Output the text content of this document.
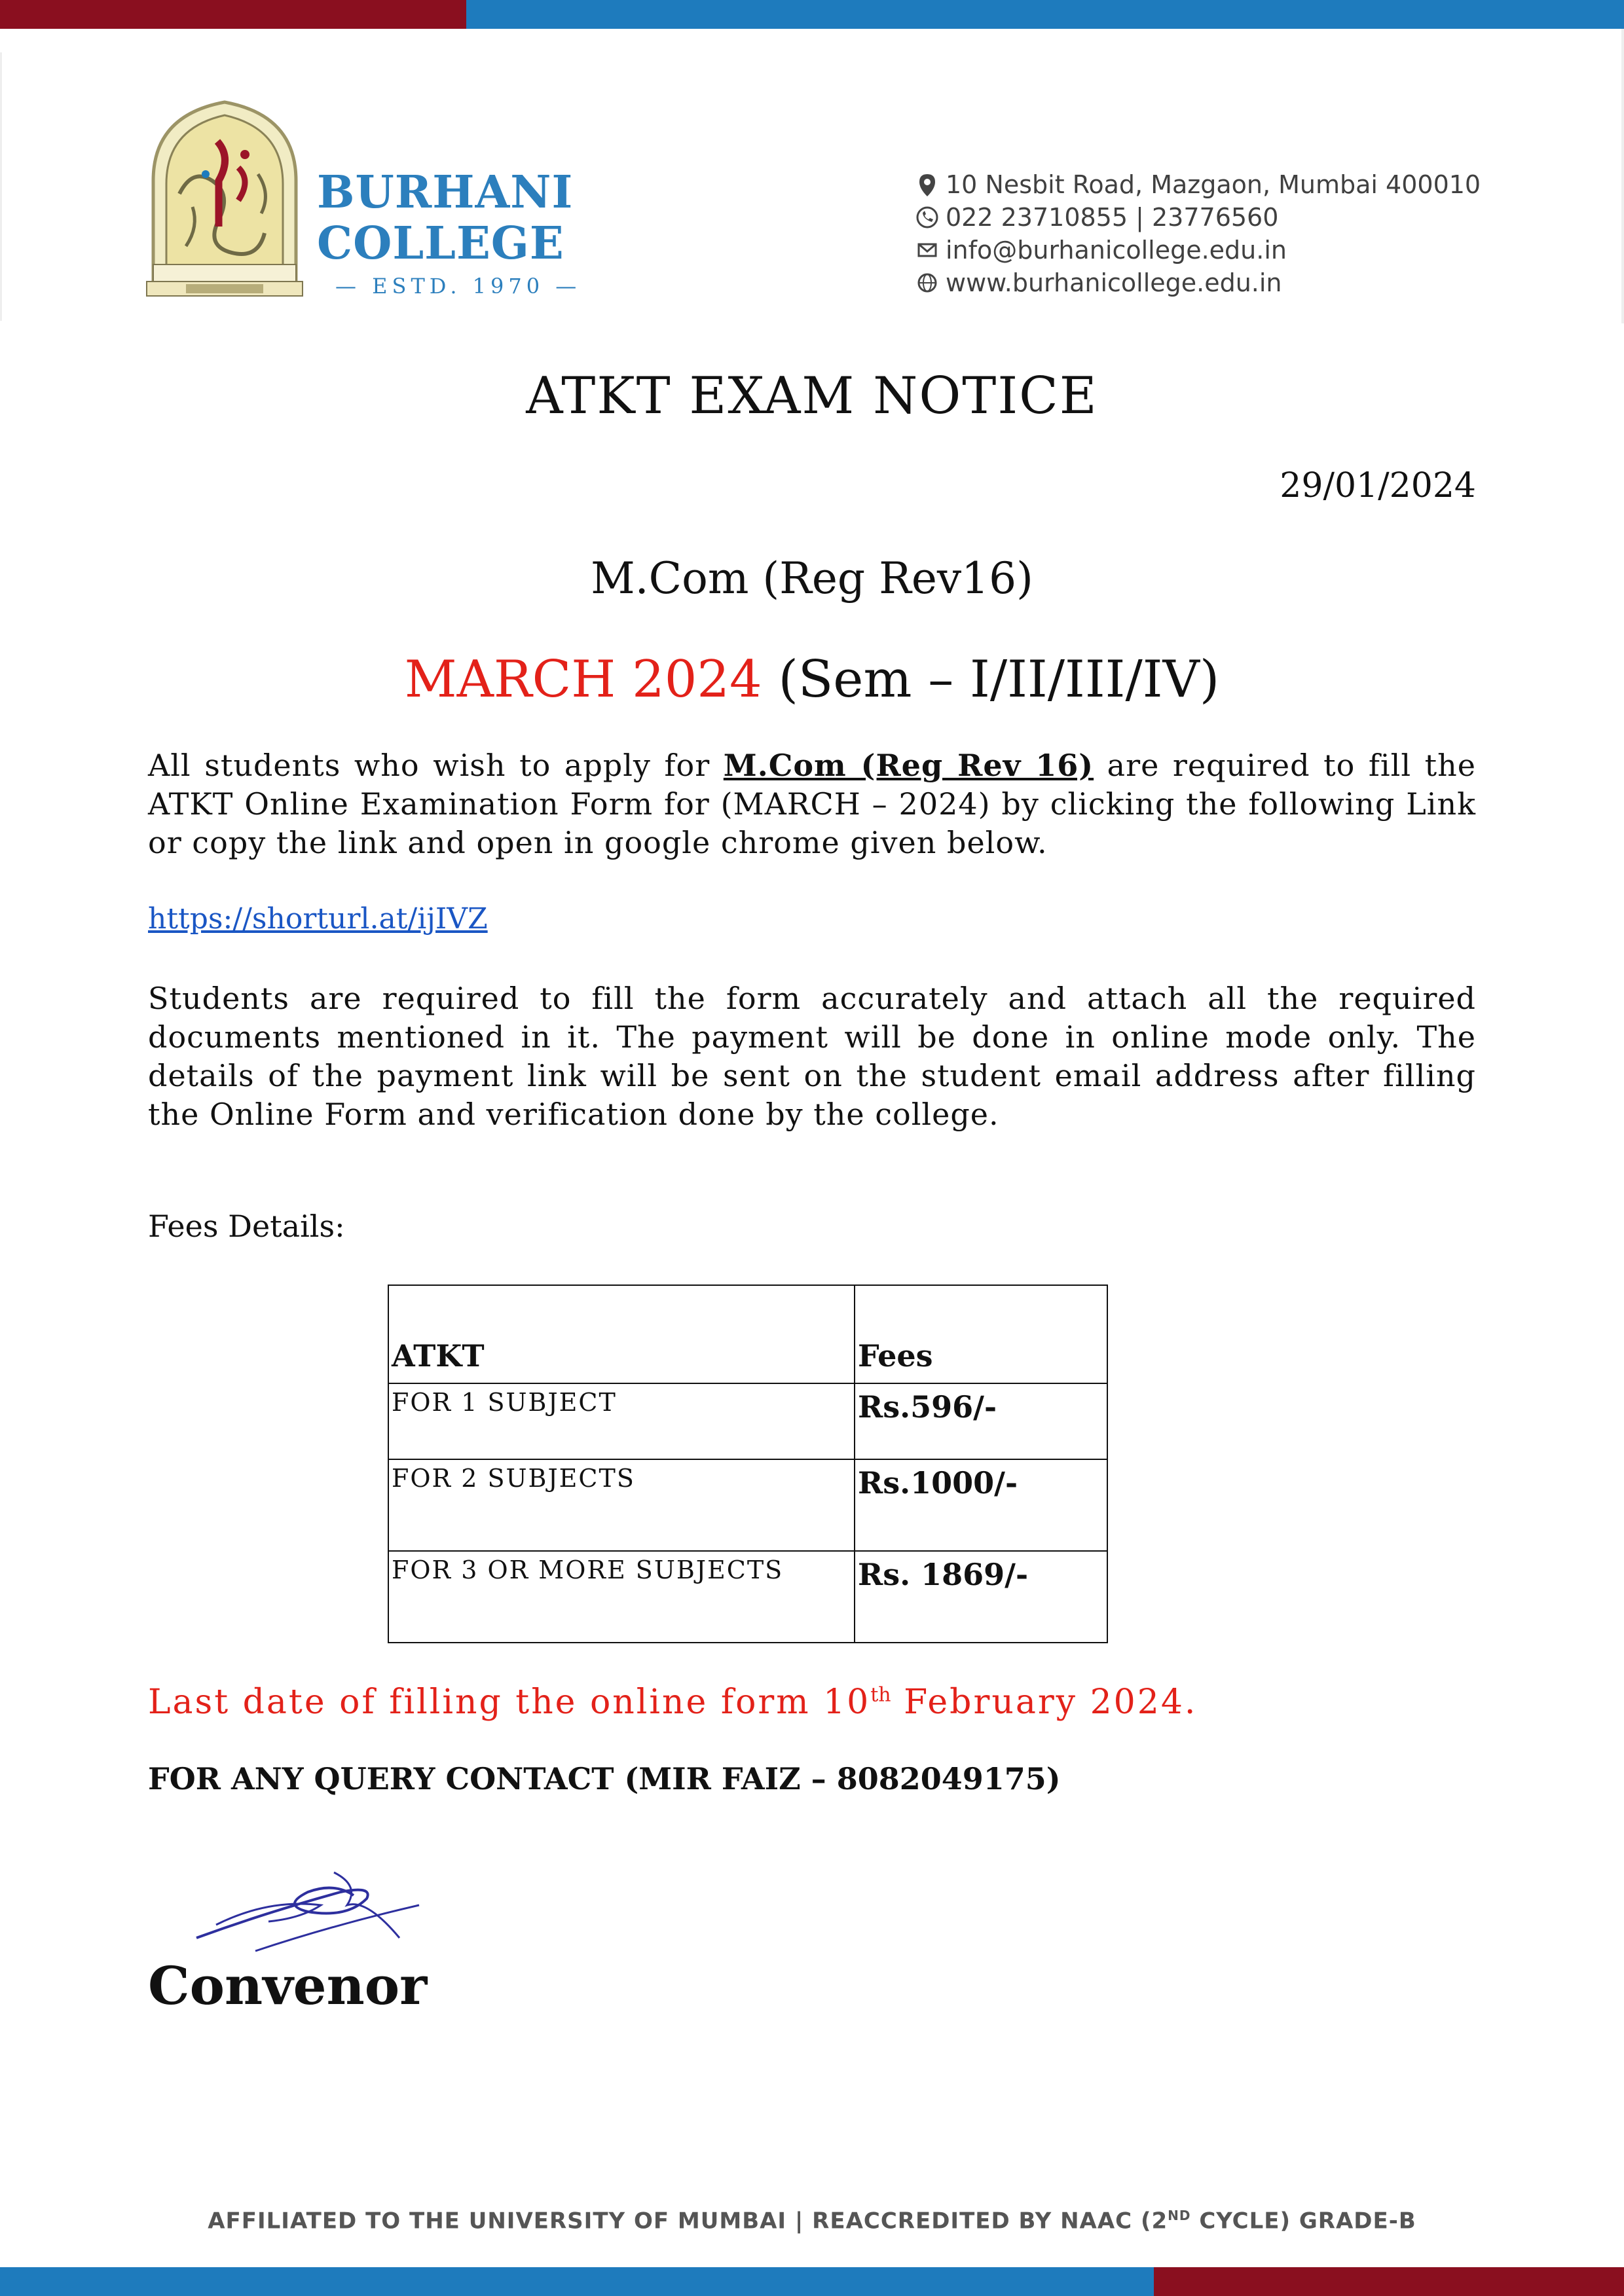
BURHANI
COLLEGE
— ESTD. 1970 —
10 Nesbit Road, Mazgaon, Mumbai 400010
022 23710855 | 23776560
info@burhanicollege.edu.in
www.burhanicollege.edu.in
ATKT EXAM NOTICE
29/01/2024
M.Com (Reg Rev16)
MARCH 2024 (Sem – I/II/III/IV)
All students who wish to apply for M.Com (Reg Rev 16) are required to fill the ATKT Online Examination Form for (MARCH – 2024) by clicking the following Link or copy the link and open in google chrome given below.
https://shorturl.at/ijIVZ
Students are required to fill the form accurately and attach all the required documents mentioned in it. The payment will be done in online mode only. The details of the payment link will be sent on the student email address after filling the Online Form and verification done by the college.
Fees Details:
ATKT	Fees
FOR 1 SUBJECT	Rs.596/-
FOR 2 SUBJECTS	Rs.1000/-
FOR 3 OR MORE SUBJECTS	Rs. 1869/-
Last date of filling the online form 10th February 2024.
FOR ANY QUERY CONTACT (MIR FAIZ – 8082049175)
Convenor
AFFILIATED TO THE UNIVERSITY OF MUMBAI | REACCREDITED BY NAAC (2ND CYCLE) GRADE-B
